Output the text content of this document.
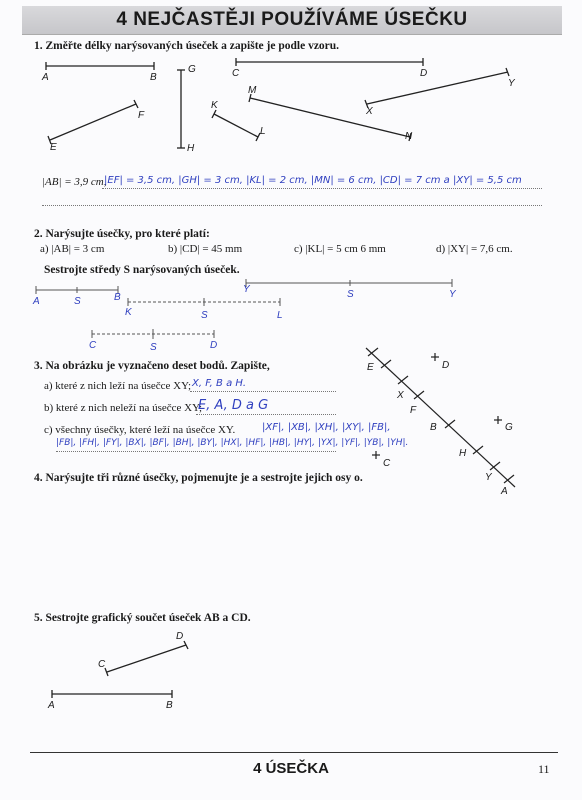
4 NEJČASTĚJI POUŽÍVÁME ÚSEČKU
1. Změřte délky narýsovaných úseček a zapište je podle vzoru.
A	B
G	C	D
Y
F
K
M
E
L
X
N
H
|AB| = 3,9 cm,
|EF| = 3,5 cm, |GH| = 3 cm, |KL| = 2 cm, |MN| = 6 cm, |CD| = 7 cm a |XY| = 5,5 cm
2. Narýsujte úsečky, pro které platí:
a) |AB| = 3 cm	b) |CD| = 45 mm	c) |KL| = 5 cm 6 mm	d) |XY| = 7,6 cm.
Sestrojte středy S narýsovaných úseček.
A	S	B
Y	S	Y
K	S	L
C	S	D
3. Na obrázku je vyznačeno deset bodů. Zapište,
a) které z nich leží na úsečce XY; X, F, B a H.
b) které z nich neleží na úsečce XY;
E, A, D a G
c) všechny úsečky, které leží na úsečce XY.	|XF|, |XB|, |XH|, |XY|, |FB|,
|FB|, |FH|, |FY|, |BX|, |BF|, |BH|, |BY|, |HX|, |HF|, |HB|, |HY|, |YX|, |YF|, |YB|, |YH|.
E	D
X
F
B	G
H
C
Y
A
4. Narýsujte tři různé úsečky, pojmenujte je a sestrojte jejich osy o.
5. Sestrojte grafický součet úseček AB a CD.
D
C
A	B
4 ÚSEČKA	11
